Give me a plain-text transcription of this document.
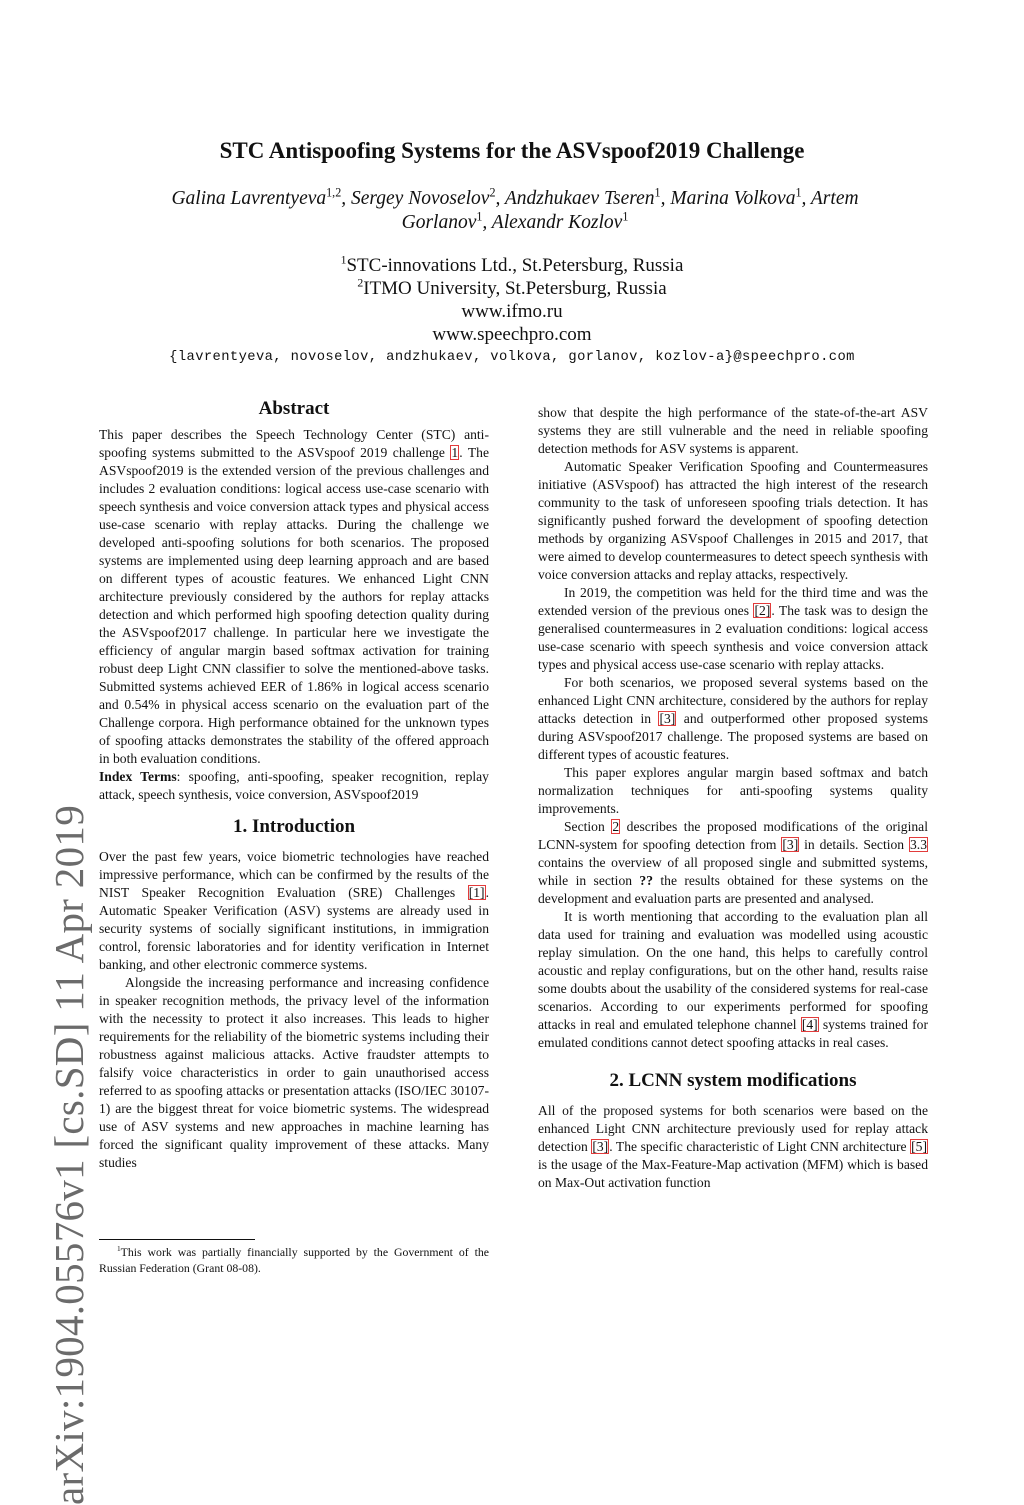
arXiv:1904.05576v1 [cs.SD] 11 Apr 2019
STC Antispoofing Systems for the ASVspoof2019 Challenge
Galina Lavrentyeva$^{1,2}$, Sergey Novoselov$^2$, Andzhukaev Tseren$^1$, Marina Volkova$^1$, Artem Gorlanov$^1$, Alexandr Kozlov$^1$
$^1$STC-innovations Ltd., St.Petersburg, Russia
$^2$ITMO University, St.Petersburg, Russia
www.ifmo.ru
www.speechpro.com
{lavrentyeva, novoselov, andzhukaev, volkova, gorlanov, kozlov-a}@speechpro.com
Abstract

This paper describes the Speech Technology Center (STC) anti-spoofing systems submitted to the ASVspoof 2019 challenge 1. The ASVspoof2019 is the extended version of the previous challenges and includes 2 evaluation conditions: logical access use-case scenario with speech synthesis and voice conversion attack types and physical access use-case scenario with replay attacks. During the challenge we developed anti-spoofing solutions for both scenarios. The proposed systems are implemented using deep learning approach and are based on different types of acoustic features. We enhanced Light CNN architecture previously considered by the authors for replay attacks detection and which performed high spoofing detection quality during the ASVspoof2017 challenge. In particular here we investigate the efficiency of angular margin based softmax activation for training robust deep Light CNN classifier to solve the mentioned-above tasks. Submitted systems achieved EER of 1.86% in logical access scenario and 0.54% in physical access scenario on the evaluation part of the Challenge corpora. High performance obtained for the unknown types of spoofing attacks demonstrates the stability of the offered approach in both evaluation conditions.

Index Terms: spoofing, anti-spoofing, speaker recognition, replay attack, speech synthesis, voice conversion, ASVspoof2019

1. Introduction

Over the past few years, voice biometric technologies have reached impressive performance, which can be confirmed by the results of the NIST Speaker Recognition Evaluation (SRE) Challenges [1]. Automatic Speaker Verification (ASV) systems are already used in security systems of socially significant institutions, in immigration control, forensic laboratories and for identity verification in Internet banking, and other electronic commerce systems.

Alongside the increasing performance and increasing confidence in speaker recognition methods, the privacy level of the information with the necessity to protect it also increases. This leads to higher requirements for the reliability of the biometric systems including their robustness against malicious attacks. Active fraudster attempts to falsify voice characteristics in order to gain unauthorised access referred to as spoofing attacks or presentation attacks (ISO/IEC 30107-1) are the biggest threat for voice biometric systems. The widespread use of ASV systems and new approaches in machine learning has forced the significant quality improvement of these attacks. Many studies

$^1$This work was partially financially supported by the Government of the Russian Federation (Grant 08-08).

show that despite the high performance of the state-of-the-art ASV systems they are still vulnerable and the need in reliable spoofing detection methods for ASV systems is apparent.

Automatic Speaker Verification Spoofing and Countermeasures initiative (ASVspoof) has attracted the high interest of the research community to the task of unforeseen spoofing trials detection. It has significantly pushed forward the development of spoofing detection methods by organizing ASVspoof Challenges in 2015 and 2017, that were aimed to develop countermeasures to detect speech synthesis with voice conversion attacks and replay attacks, respectively.

In 2019, the competition was held for the third time and was the extended version of the previous ones [2]. The task was to design the generalised countermeasures in 2 evaluation conditions: logical access use-case scenario with speech synthesis and voice conversion attack types and physical access use-case scenario with replay attacks.

For both scenarios, we proposed several systems based on the enhanced Light CNN architecture, considered by the authors for replay attacks detection in [3] and outperformed other proposed systems during ASVspoof2017 challenge. The proposed systems are based on different types of acoustic features.

This paper explores angular margin based softmax and batch normalization techniques for anti-spoofing systems quality improvements.

Section 2 describes the proposed modifications of the original LCNN-system for spoofing detection from [3] in details. Section 3.3 contains the overview of all proposed single and submitted systems, while in section ?? the results obtained for these systems on the development and evaluation parts are presented and analysed.

It is worth mentioning that according to the evaluation plan all data used for training and evaluation was modelled using acoustic replay simulation. On the one hand, this helps to carefully control acoustic and replay configurations, but on the other hand, results raise some doubts about the usability of the considered systems for real-case scenarios. According to our experiments performed for spoofing attacks in real and emulated telephone channel [4] systems trained for emulated conditions cannot detect spoofing attacks in real cases.

2. LCNN system modifications

All of the proposed systems for both scenarios were based on the enhanced Light CNN architecture previously used for replay attack detection [3]. The specific characteristic of Light CNN architecture [5] is the usage of the Max-Feature-Map activation (MFM) which is based on Max-Out activation function
